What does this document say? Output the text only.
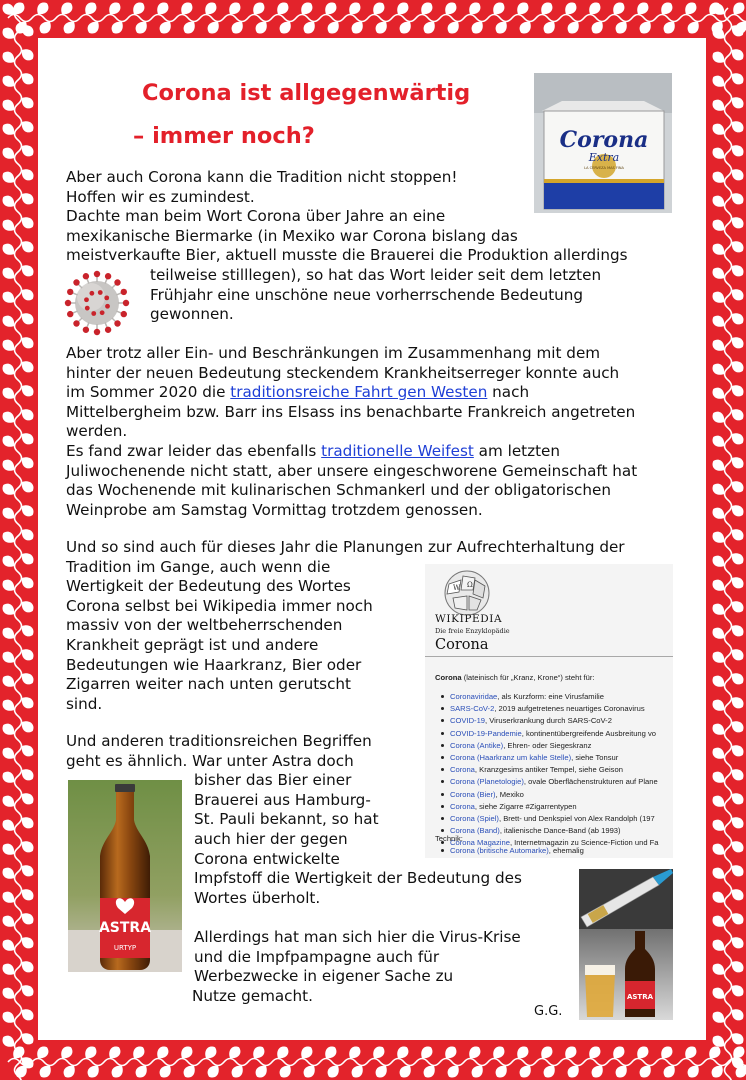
Corona ist allgegenwärtig
– immer noch?	Corona
Extra
LA CERVEZA MAS FINA
Aber auch Corona kann die Tradition nicht stoppen!
Hoffen wir es zumindest.
Dachte man beim Wort Corona über Jahre an eine
mexikanische Biermarke (in Mexiko war Corona bislang das
meistverkaufte Bier, aktuell musste die Brauerei die Produktion allerdings
teilweise stilllegen), so hat das Wort leider seit dem letzten
Frühjahr eine unschöne neue vorherrschende Bedeutung
gewonnen.
Aber trotz aller Ein- und Beschränkungen im Zusammenhang mit dem
hinter der neuen Bedeutung steckendem Krankheitserreger konnte auch
im Sommer 2020 die traditionsreiche Fahrt gen Westen nach
Mittelbergheim bzw. Barr ins Elsass ins benachbarte Frankreich angetreten
werden.
Es fand zwar leider das ebenfalls traditionelle Weifest am letzten
Juliwochenende nicht statt, aber unsere eingeschworene Gemeinschaft hat
das Wochenende mit kulinarischen Schmankerl und der obligatorischen
Weinprobe am Samstag Vormittag trotzdem genossen.
Und so sind auch für dieses Jahr die Planungen zur Aufrechterhaltung der
Tradition im Gange, auch wenn die
Wertigkeit der Bedeutung des Wortes
Corona selbst bei Wikipedia immer noch
massiv von der weltbeherrschenden
Krankheit geprägt ist und andere
Bedeutungen wie Haarkranz, Bier oder
Zigarren weiter nach unten gerutscht
sind.
W Ω
WIKIPEDIA
Die freie Enzyklopädie
Corona
Corona (lateinisch für „Kranz, Krone“) steht für:
Coronaviridae, als Kurzform: eine Virusfamilie
SARS-CoV-2, 2019 aufgetretenes neuartiges Coronavirus
COVID-19, Viruserkrankung durch SARS-CoV-2
COVID-19-Pandemie, kontinentübergreifende Ausbreitung vo
Corona (Antike), Ehren- oder Siegeskranz
Corona (Haarkranz um kahle Stelle), siehe Tonsur
Corona, Kranzgesims antiker Tempel, siehe Geison
Corona (Planetologie), ovale Oberflächenstrukturen auf Plane
Corona (Bier), Mexiko
Corona, siehe Zigarre #Zigarrentypen
Corona (Spiel), Brett- und Denkspiel von Alex Randolph (197
Corona (Band), italienische Dance-Band (ab 1993)
Corona Magazine, Internetmagazin zu Science-Fiction und Fa
Technik:
Corona (britische Automarke), ehemalig
Und anderen traditionsreichen Begriffen
geht es ähnlich. War unter Astra doch
bisher das Bier einer
Brauerei aus Hamburg-
St. Pauli bekannt, so hat
auch hier der gegen
Corona entwickelte
Impfstoff die Wertigkeit der Bedeutung des
Wortes überholt.
ASTRA
URTYP
Allerdings hat man sich hier die Virus-Krise
und die Impfpampagne auch für
Werbezwecke in eigener Sache zu
Nutze gemacht.	ASTRA
G.G.
